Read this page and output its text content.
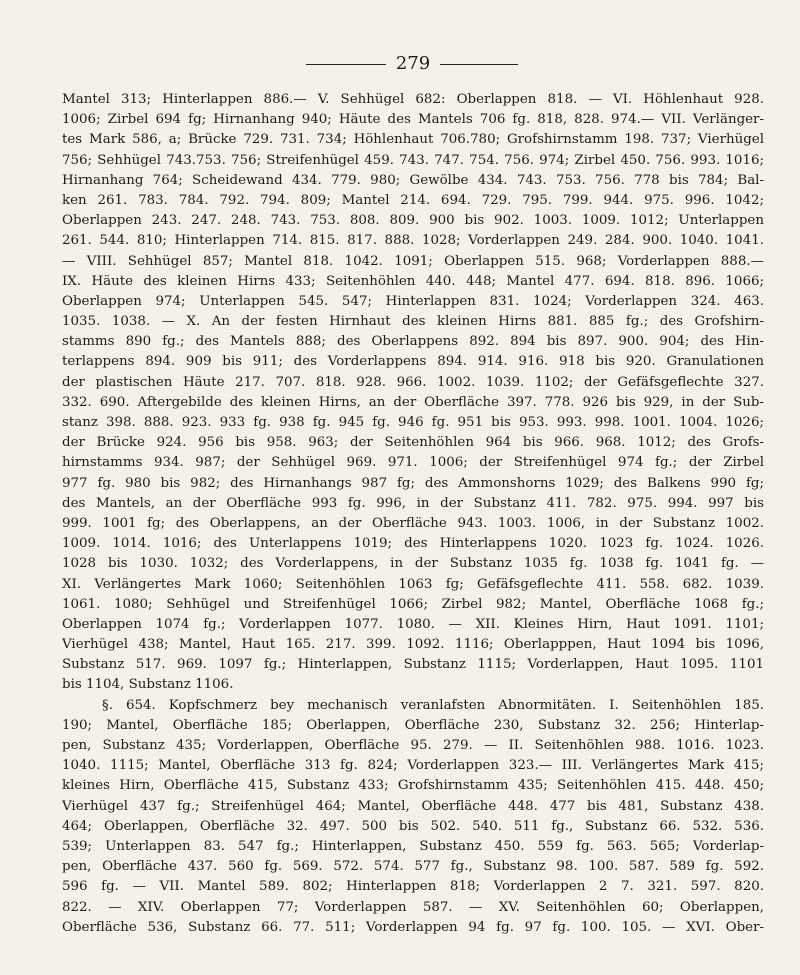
279
Mantel 313; Hinterlappen 886.— V. Sehhügel 682: Oberlappen 818. — VI. Höhlenhaut 928.
1006; Zirbel 694 fg; Hirnanhang 940; Häute des Mantels 706 fg. 818, 828. 974.— VII. Verlänger-
tes Mark 586, a; Brücke 729. 731. 734; Höhlenhaut 706.780; Grofshirnstamm 198. 737; Vierhügel
756; Sehhügel 743.753. 756; Streifenhügel 459. 743. 747. 754. 756. 974; Zirbel 450. 756. 993. 1016;
Hirnanhang 764; Scheidewand 434. 779. 980; Gewölbe 434. 743. 753. 756. 778 bis 784; Bal-
ken 261. 783. 784. 792. 794. 809; Mantel 214. 694. 729. 795. 799. 944. 975. 996. 1042;
Oberlappen 243. 247. 248. 743. 753. 808. 809. 900 bis 902. 1003. 1009. 1012; Unterlappen
261. 544. 810; Hinterlappen 714. 815. 817. 888. 1028; Vorderlappen 249. 284. 900. 1040. 1041.
— VIII. Sehhügel 857; Mantel 818. 1042. 1091; Oberlappen 515. 968; Vorderlappen 888.—
IX. Häute des kleinen Hirns 433; Seitenhöhlen 440. 448; Mantel 477. 694. 818. 896. 1066;
Oberlappen 974; Unterlappen 545. 547; Hinterlappen 831. 1024; Vorderlappen 324. 463.
1035. 1038. — X. An der festen Hirnhaut des kleinen Hirns 881. 885 fg.; des Grofshirn-
stamms 890 fg.; des Mantels 888; des Oberlappens 892. 894 bis 897. 900. 904; des Hin-
terlappens 894. 909 bis 911; des Vorderlappens 894. 914. 916. 918 bis 920. Granulationen
der plastischen Häute 217. 707. 818. 928. 966. 1002. 1039. 1102; der Gefäfsgeflechte 327.
332. 690. Aftergebilde des kleinen Hirns, an der Oberfläche 397. 778. 926 bis 929, in der Sub-
stanz 398. 888. 923. 933 fg. 938 fg. 945 fg. 946 fg. 951 bis 953. 993. 998. 1001. 1004. 1026;
der Brücke 924. 956 bis 958. 963; der Seitenhöhlen 964 bis 966. 968. 1012; des Grofs-
hirnstamms 934. 987; der Sehhügel 969. 971. 1006; der Streifenhügel 974 fg.; der Zirbel
977 fg. 980 bis 982; des Hirnanhangs 987 fg; des Ammonshorns 1029; des Balkens 990 fg;
des Mantels, an der Oberfläche 993 fg. 996, in der Substanz 411. 782. 975. 994. 997 bis
999. 1001 fg; des Oberlappens, an der Oberfläche 943. 1003. 1006, in der Substanz 1002.
1009. 1014. 1016; des Unterlappens 1019; des Hinterlappens 1020. 1023 fg. 1024. 1026.
1028 bis 1030. 1032; des Vorderlappens, in der Substanz 1035 fg. 1038 fg. 1041 fg. —
XI. Verlängertes Mark 1060; Seitenhöhlen 1063 fg; Gefäfsgeflechte 411. 558. 682. 1039.
1061. 1080; Sehhügel und Streifenhügel 1066; Zirbel 982; Mantel, Oberfläche 1068 fg.;
Oberlappen 1074 fg.; Vorderlappen 1077. 1080. — XII. Kleines Hirn, Haut 1091. 1101;
Vierhügel 438; Mantel, Haut 165. 217. 399. 1092. 1116; Oberlapppen, Haut 1094 bis 1096,
Substanz 517. 969. 1097 fg.; Hinterlappen, Substanz 1115; Vorderlappen, Haut 1095. 1101
bis 1104, Substanz 1106.
§. 654. Kopfschmerz bey mechanisch veranlafsten Abnormitäten. I. Seitenhöhlen 185.
190; Mantel, Oberfläche 185; Oberlappen, Oberfläche 230, Substanz 32. 256; Hinterlap-
pen, Substanz 435; Vorderlappen, Oberfläche 95. 279. — II. Seitenhöhlen 988. 1016. 1023.
1040. 1115; Mantel, Oberfläche 313 fg. 824; Vorderlappen 323.— III. Verlängertes Mark 415;
kleines Hirn, Oberfläche 415, Substanz 433; Grofshirnstamm 435; Seitenhöhlen 415. 448. 450;
Vierhügel 437 fg.; Streifenhügel 464; Mantel, Oberfläche 448. 477 bis 481, Substanz 438.
464; Oberlappen, Oberfläche 32. 497. 500 bis 502. 540. 511 fg., Substanz 66. 532. 536.
539; Unterlappen 83. 547 fg.; Hinterlappen, Substanz 450. 559 fg. 563. 565; Vorderlap-
pen, Oberfläche 437. 560 fg. 569. 572. 574. 577 fg., Substanz 98. 100. 587. 589 fg. 592.
596 fg. — VII. Mantel 589. 802; Hinterlappen 818; Vorderlappen 2 7. 321. 597. 820.
822. — XIV. Oberlappen 77; Vorderlappen 587. — XV. Seitenhöhlen 60; Oberlappen,
Oberfläche 536, Substanz 66. 77. 511; Vorderlappen 94 fg. 97 fg. 100. 105. — XVI. Ober-
